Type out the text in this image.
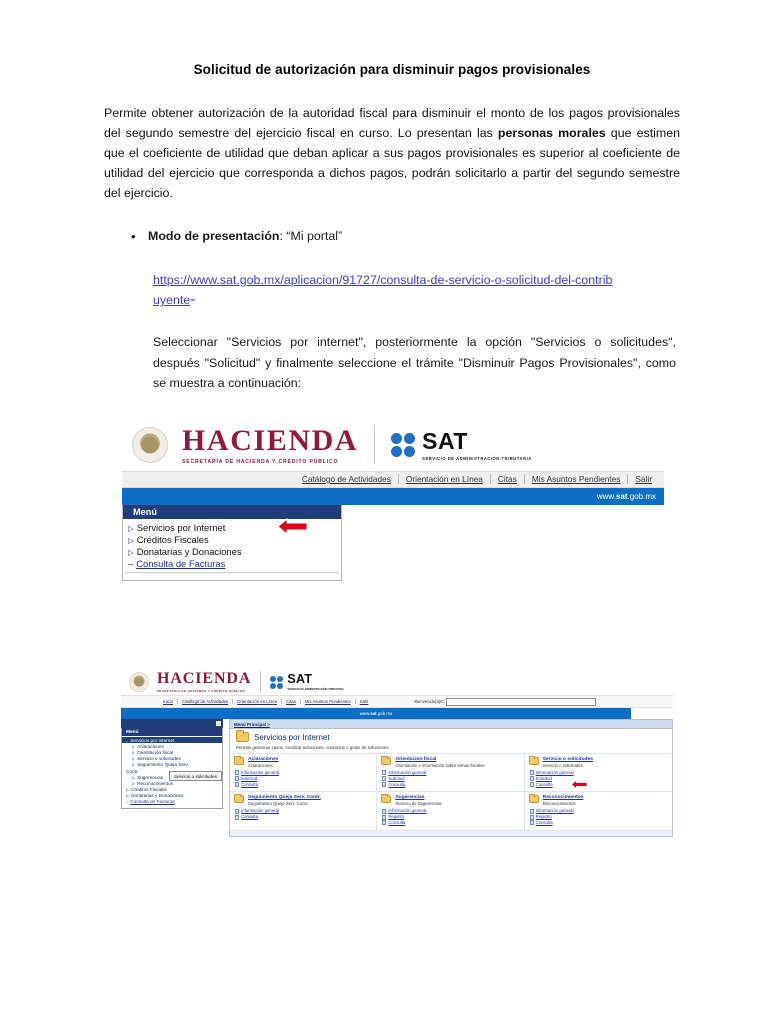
Solicitud de autorización para disminuir pagos provisionales

Permite obtener autorización de la autoridad fiscal para disminuir el monto de los pagos provisionales del segundo semestre del ejercicio fiscal en curso. Lo presentan las personas morales que estimen que el coeficiente de utilidad que deban aplicar a sus pagos provisionales es superior al coeficiente de utilidad del ejercicio que corresponda a dichos pagos, podrán solicitarlo a partir del segundo semestre del ejercicio.

•	Modo de presentación: “Mi portal”
https://www.sat.gob.mx/aplicacion/91727/consulta-de-servicio-o-solicitud-del-contribuyente-

Seleccionar "Servicios por internet", posteriormente la opción "Servicios o solicitudes", después "Solicitud" y finalmente seleccione el trámite "Disminuir Pagos Provisionales", como se muestra a continuación:

HACIENDA
SECRETARÍA DE HACIENDA Y CRÉDITO PÚBLICO
SAT
SERVICIO DE ADMINISTRACIÓN TRIBUTARIA
Catálogo de Actividades	Orientación en Línea	Citas	Mis Asuntos Pendientes	Salir
www. sat .gob.mx
Menú
▷ Servicios por Internet
▷ Créditos Fiscales
▷ Donatarias y Donaciones
– Consulta de Facturas
HACIENDA
SECRETARÍA DE HACIENDA Y CRÉDITO PÚBLICO
SAT
SERVICIO DE ADMINISTRACIÓN TRIBUTARIA
Inicio	Catálogo de Actividades	Orientación en Línea	Citas	Mis Asuntos Pendientes	Salir	Bienvenido(a)IC
www. sat .gob.mx
Menú
– Servicios por internet
▷ Aclaraciones
▷ Orientación fiscal
▷ Servicio o solicitudes
▷ Seguimiento Queja Serv.
Contr.
▷ Sugerencias
▷ Reconocimientos
▷ Créditos Fiscales
▷ Donatarias y Donaciones
– Consulta de Facturas
Servicio o solicitudes
Menú Principal >
Servicios por Internet
Permite gestionar casos, localizar soluciones, contactos o guías de soluciones.
Aclaraciones
Aclaraciones
Información general
Solicitud
Consulta
Orientación fiscal
Orientación e información sobre temas fiscales
Información general
Solicitud
Consulta
Servicio o solicitudes
Servicio o solicitudes
Información general
Solicitud
Consulta
Seguimiento Queja Serv. Contr.
Seguimiento Queja Serv. Contr.
Información general
Consulta
Sugerencias
Servicio de Sugerencias
Información general
Registro
Consulta
Reconocimientos
Reconocimientos
Información general
Registro
Consulta
